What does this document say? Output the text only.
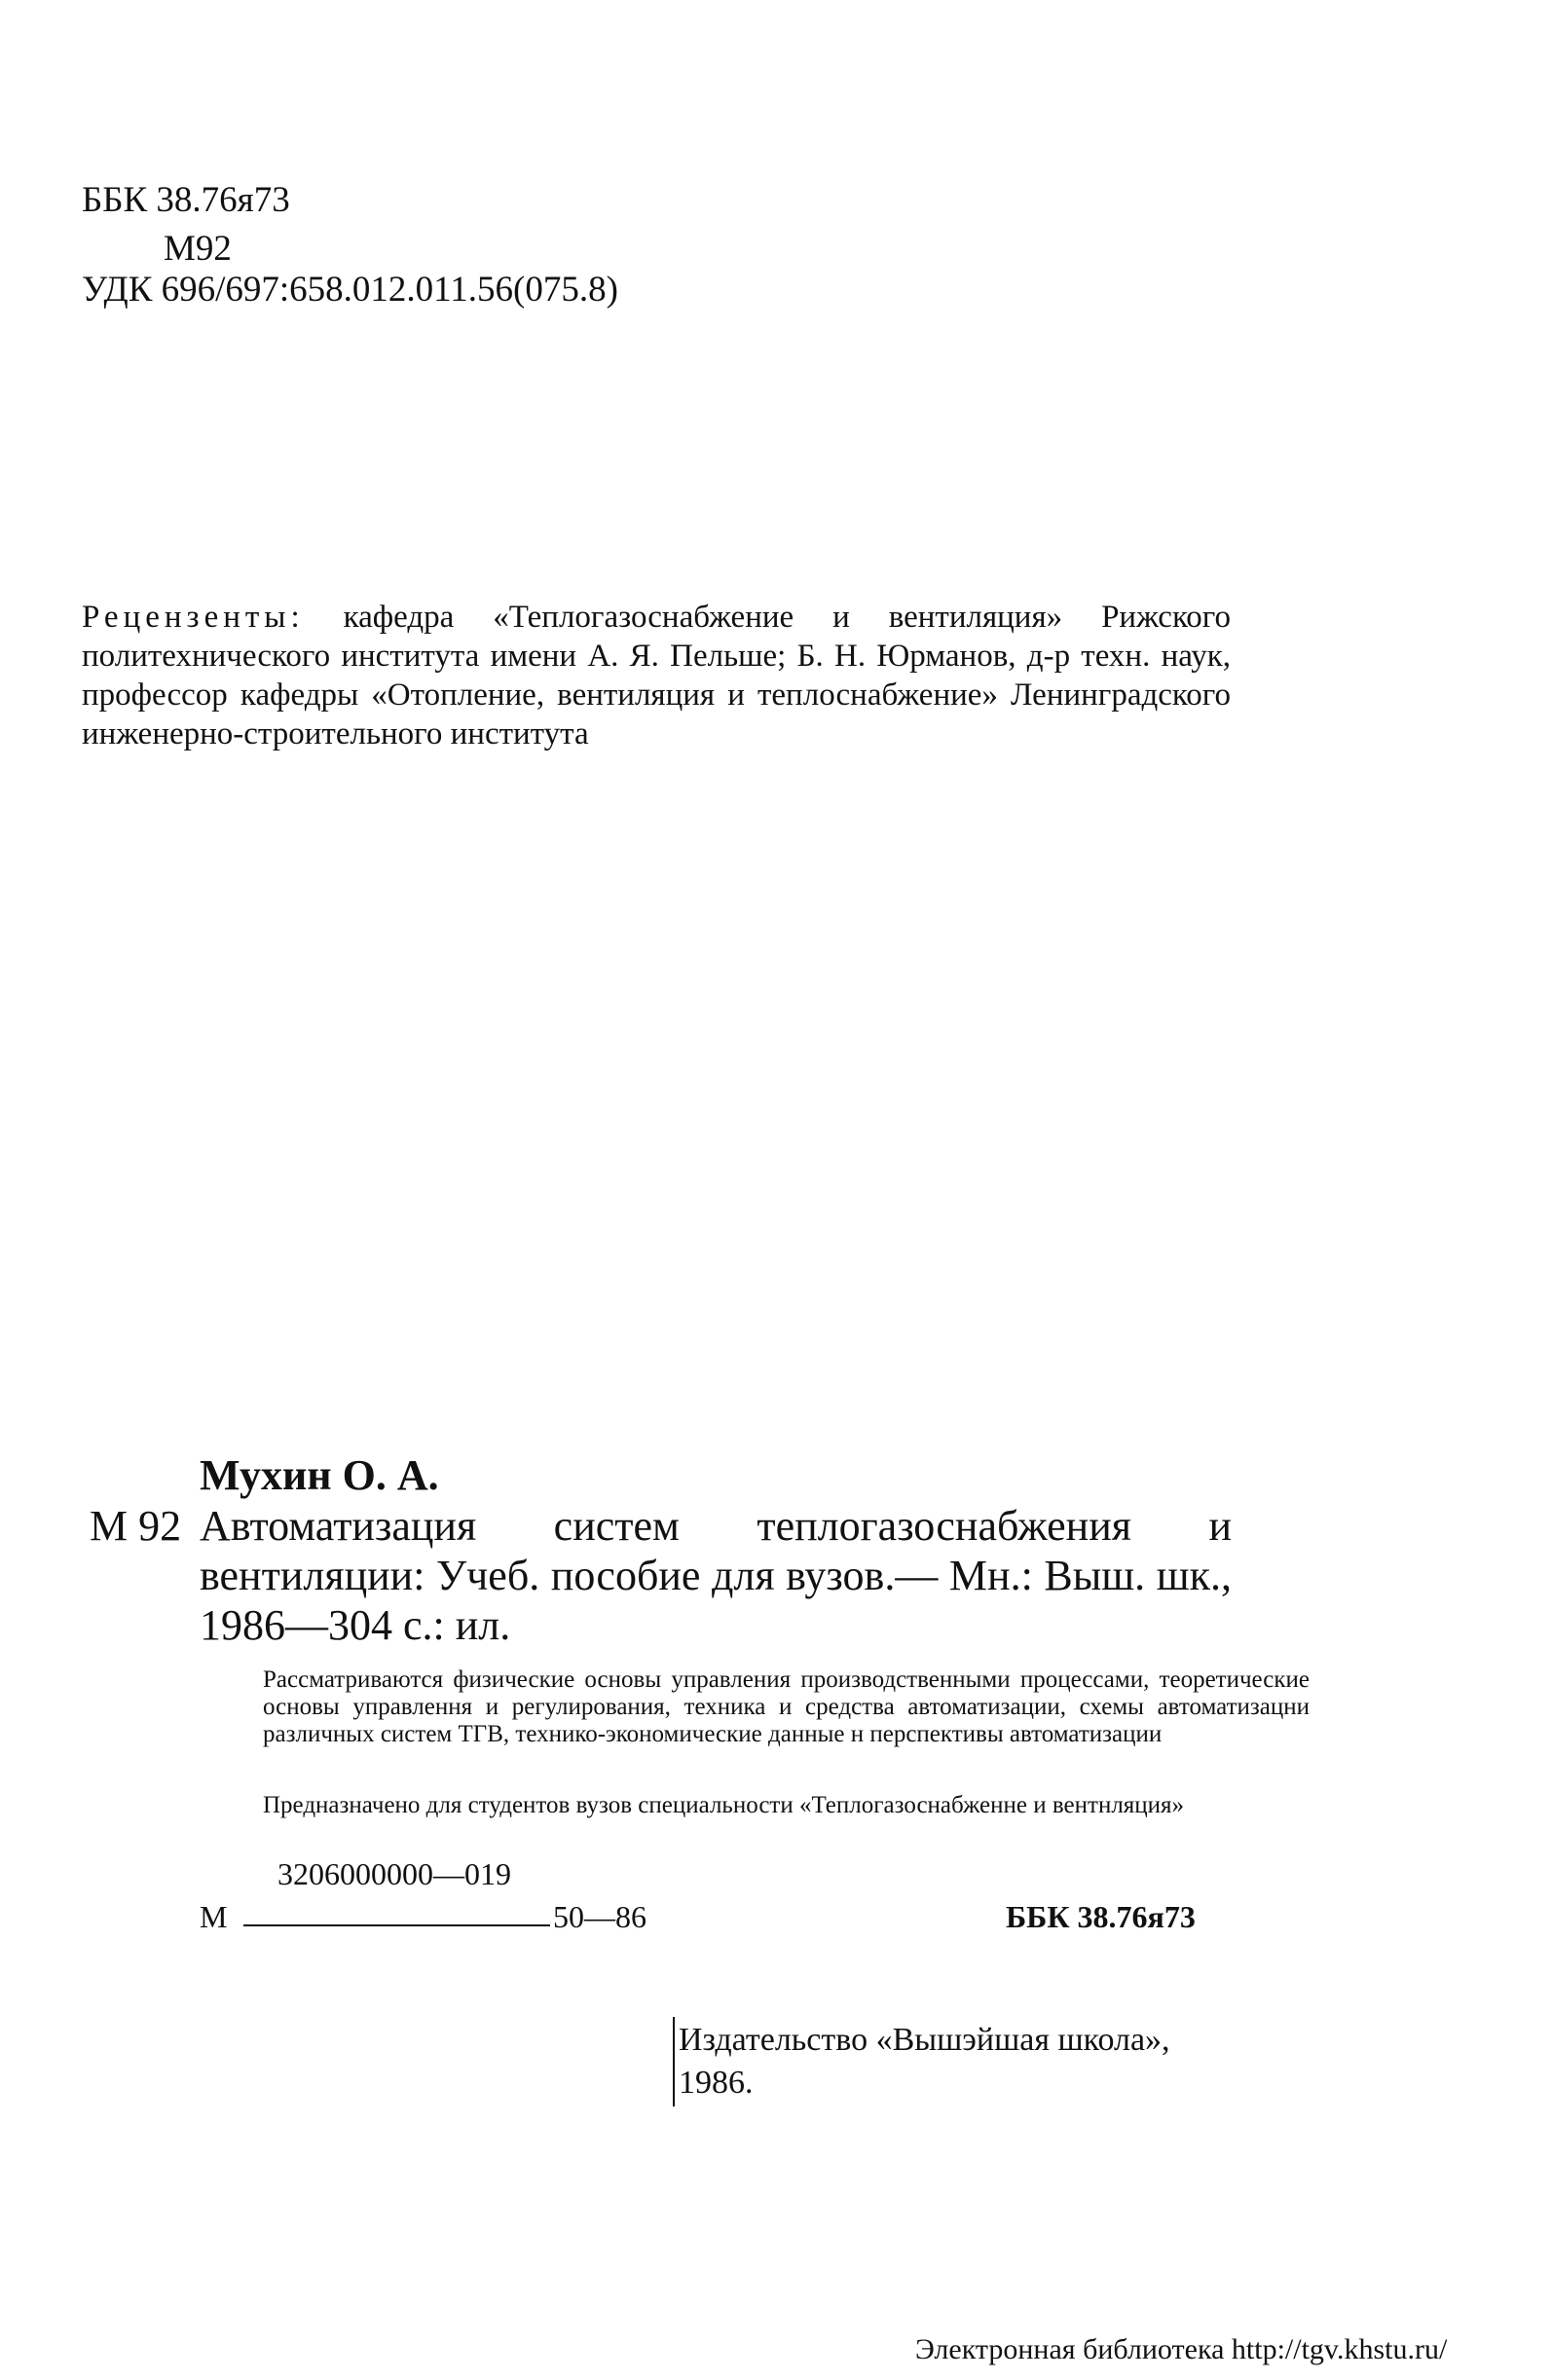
ББК 38.76я73
М92
УДК 696/697:658.012.011.56(075.8)
Рецензенты: кафедра «Теплогазоснабжение и вентиляция» Рижского политехнического института имени А. Я. Пельше; Б. Н. Юрманов, д-р техн. наук, профессор кафедры «Отопление, вентиляция и теплоснабжение» Ленинградского инженерно-строительного института
Мухин О. А.
М 92 Автоматизация систем теплогазоснабжения и вентиляции: Учеб. пособие для вузов.— Мн.: Выш. шк., 1986—304 с.: ил.
Рассматриваются физические основы управления производственными процессами, теоретические основы управлення и регулирования, техника и средства автоматизации, схемы автоматизацни различных систем ТГВ, технико-экономические данные н перспективы автоматизации
Предназначено для студентов вузов специальности «Теплогазоснабженне и вентнляция»
3206000000—019
М	50—86	ББК 38.76я73
Издательство «Вышэйшая школа»,
1986.
Электронная библиотека http://tgv.khstu.ru/
